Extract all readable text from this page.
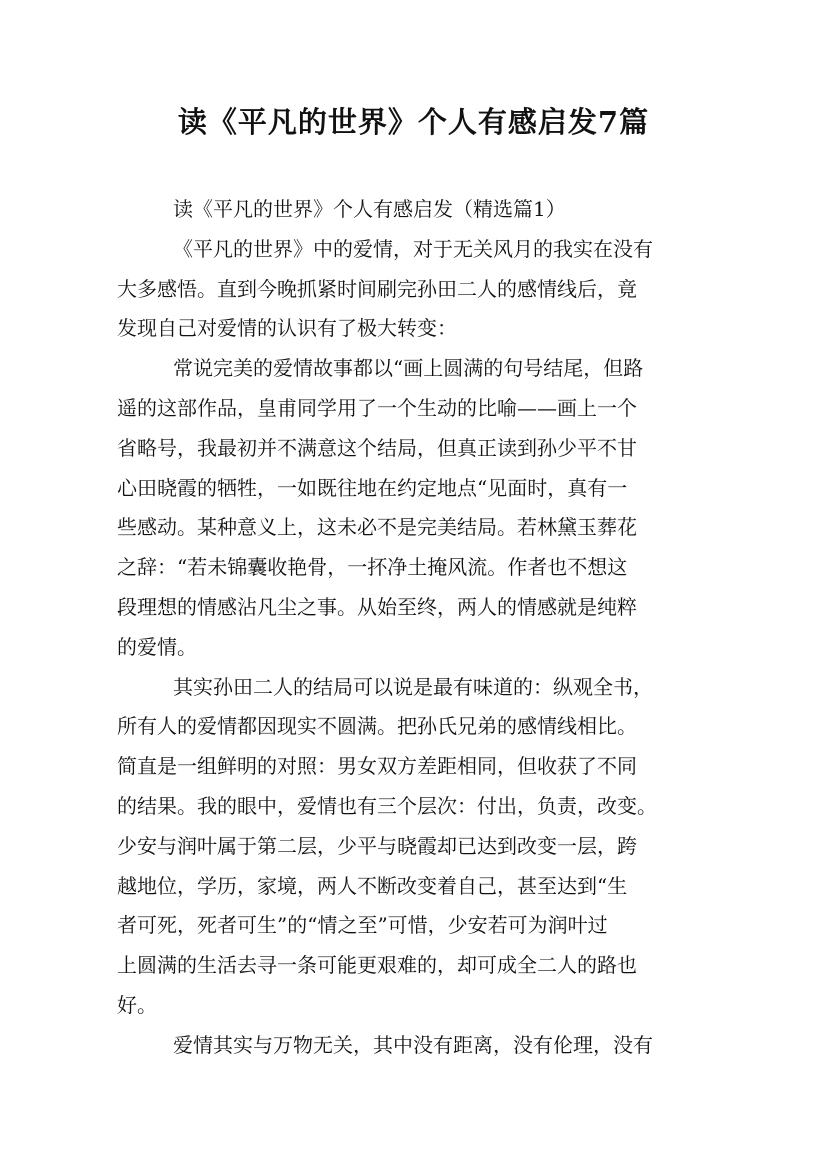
读《平凡的世界》个人有感启发7篇
读《平凡的世界》个人有感启发（精选篇1）
《平凡的世界》中的爱情，对于无关风月的我实在没有
大多感悟。直到今晚抓紧时间刷完孙田二人的感情线后，竟
发现自己对爱情的认识有了极大转变：
常说完美的爱情故事都以“画上圆满的句号结尾，但路
遥的这部作品，皇甫同学用了一个生动的比喻——画上一个
省略号，我最初并不满意这个结局，但真正读到孙少平不甘
心田晓霞的牺牲，一如既往地在约定地点“见面时，真有一
些感动。某种意义上，这未必不是完美结局。若林黛玉葬花
之辞：“若未锦囊收艳骨，一抔净土掩风流。作者也不想这
段理想的情感沾凡尘之事。从始至终，两人的情感就是纯粹
的爱情。
其实孙田二人的结局可以说是最有味道的：纵观全书，
所有人的爱情都因现实不圆满。把孙氏兄弟的感情线相比。
简直是一组鲜明的对照：男女双方差距相同，但收获了不同
的结果。我的眼中，爱情也有三个层次：付出，负责，改变。
少安与润叶属于第二层，少平与晓霞却已达到改变一层，跨
越地位，学历，家境，两人不断改变着自己，甚至达到“生
者可死，死者可生”的“情之至”可惜，少安若可为润叶过
上圆满的生活去寻一条可能更艰难的，却可成全二人的路也
好。
爱情其实与万物无关，其中没有距离，没有伦理，没有
